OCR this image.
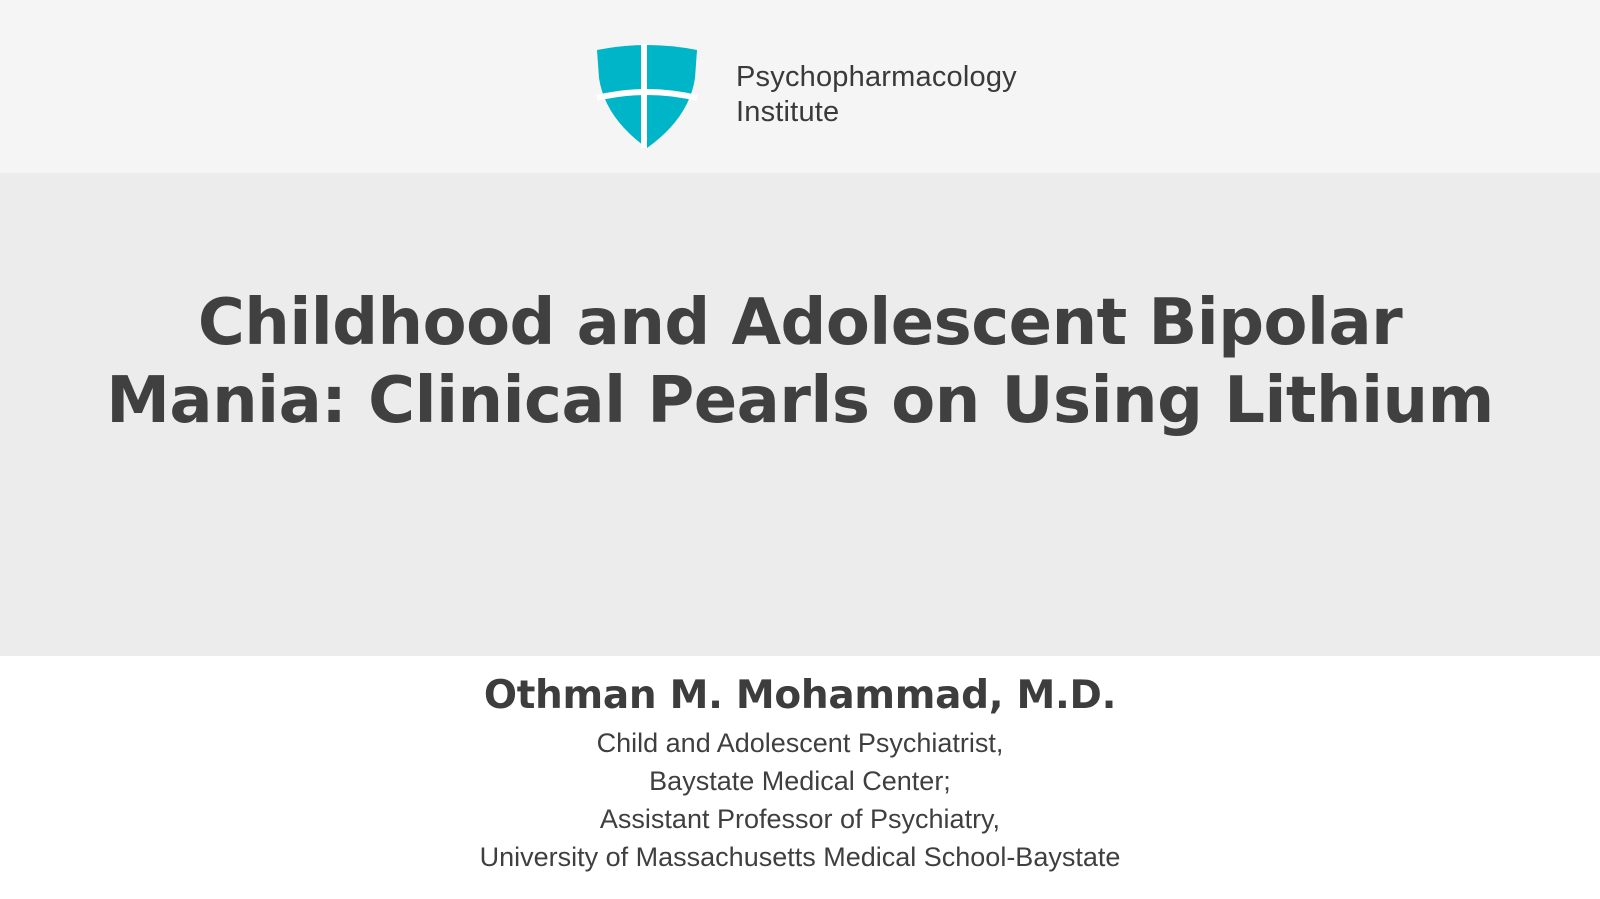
Psychopharmacology
Institute
Childhood and Adolescent Bipolar
Mania: Clinical Pearls on Using Lithium
Othman M. Mohammad, M.D.
Child and Adolescent Psychiatrist,
Baystate Medical Center;
Assistant Professor of Psychiatry,
University of Massachusetts Medical School-Baystate
